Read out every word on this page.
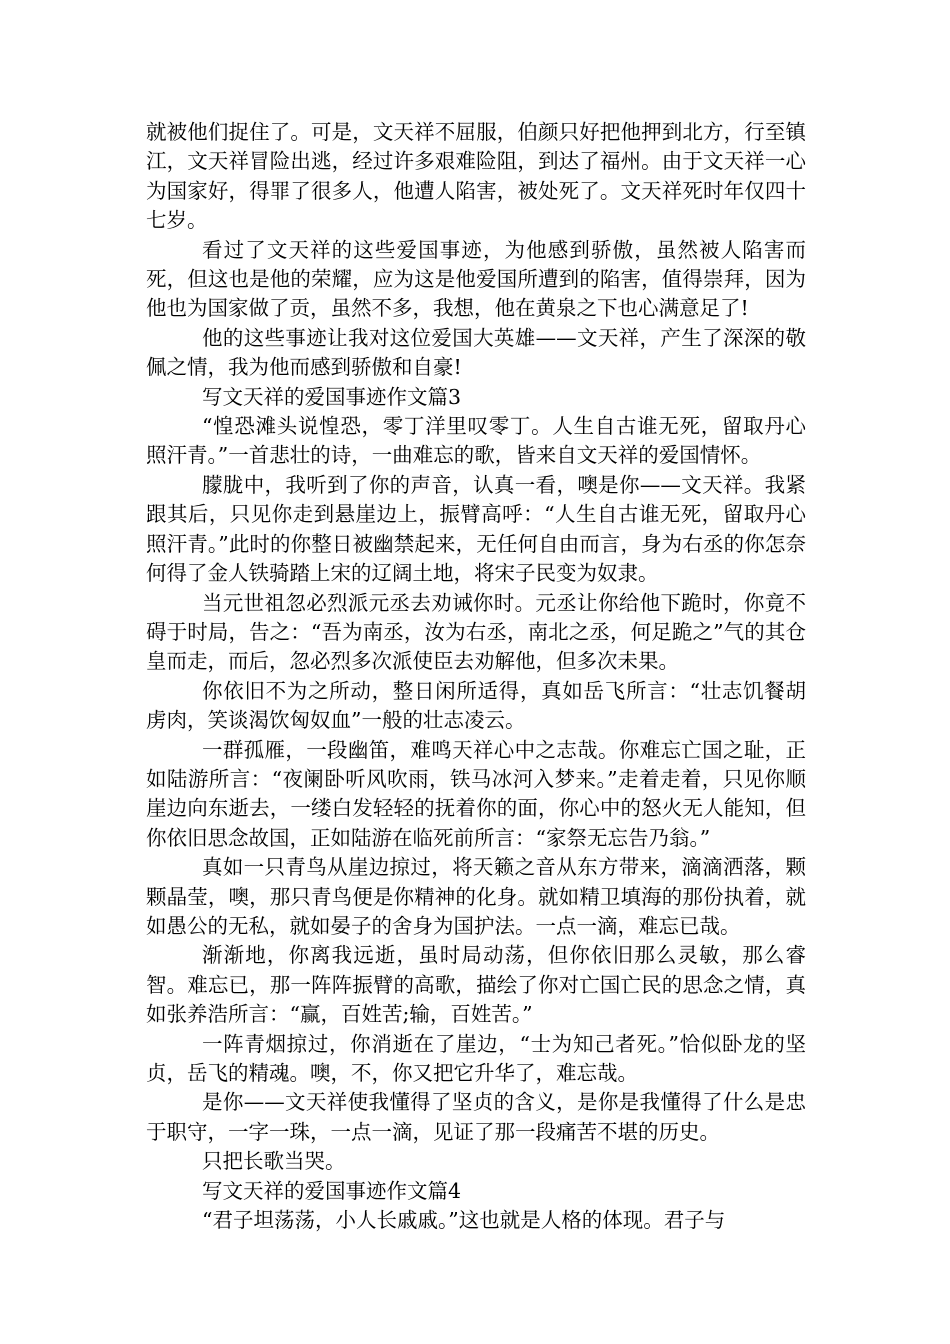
就被他们捉住了。可是，文天祥不屈服，伯颜只好把他押到北方，行至镇江，文天祥冒险出逃，经过许多艰难险阻，到达了福州。由于文天祥一心为国家好，得罪了很多人，他遭人陷害，被处死了。文天祥死时年仅四十七岁。

看过了文天祥的这些爱国事迹，为他感到骄傲，虽然被人陷害而死，但这也是他的荣耀，应为这是他爱国所遭到的陷害，值得崇拜，因为他也为国家做了贡，虽然不多，我想，他在黄泉之下也心满意足了!

他的这些事迹让我对这位爱国大英雄——文天祥，产生了深深的敬佩之情，我为他而感到骄傲和自豪!

写文天祥的爱国事迹作文篇3

“惶恐滩头说惶恐，零丁洋里叹零丁。人生自古谁无死，留取丹心照汗青。”一首悲壮的诗，一曲难忘的歌，皆来自文天祥的爱国情怀。

朦胧中，我听到了你的声音，认真一看，噢是你——文天祥。我紧跟其后，只见你走到悬崖边上，振臂高呼：“人生自古谁无死，留取丹心照汗青。”此时的你整日被幽禁起来，无任何自由而言，身为右丞的你怎奈何得了金人铁骑踏上宋的辽阔土地，将宋子民变为奴隶。

当元世祖忽必烈派元丞去劝诫你时。元丞让你给他下跪时，你竟不碍于时局，告之：“吾为南丞，汝为右丞，南北之丞，何足跪之”气的其仓皇而走，而后，忽必烈多次派使臣去劝解他，但多次未果。

你依旧不为之所动，整日闲所适得，真如岳飞所言：“壮志饥餐胡虏肉，笑谈渴饮匈奴血”一般的壮志凌云。

一群孤雁，一段幽笛，难鸣天祥心中之志哉。你难忘亡国之耻，正如陆游所言：“夜阑卧听风吹雨，铁马冰河入梦来。”走着走着，只见你顺崖边向东逝去，一缕白发轻轻的抚着你的面，你心中的怒火无人能知，但你依旧思念故国，正如陆游在临死前所言：“家祭无忘告乃翁。”

真如一只青鸟从崖边掠过，将天籁之音从东方带来，滴滴洒落，颗颗晶莹，噢，那只青鸟便是你精神的化身。就如精卫填海的那份执着，就如愚公的无私，就如晏子的舍身为国护法。一点一滴，难忘已哉。

渐渐地，你离我远逝，虽时局动荡，但你依旧那么灵敏，那么睿智。难忘已，那一阵阵振臂的高歌，描绘了你对亡国亡民的思念之情，真如张养浩所言：“赢，百姓苦;输，百姓苦。”

一阵青烟掠过，你消逝在了崖边，“士为知己者死。”恰似卧龙的坚贞，岳飞的精魂。噢，不，你又把它升华了，难忘哉。

是你——文天祥使我懂得了坚贞的含义，是你是我懂得了什么是忠于职守，一字一珠，一点一滴，见证了那一段痛苦不堪的历史。

只把长歌当哭。

写文天祥的爱国事迹作文篇4

“君子坦荡荡，小人长戚戚。”这也就是人格的体现。君子与
